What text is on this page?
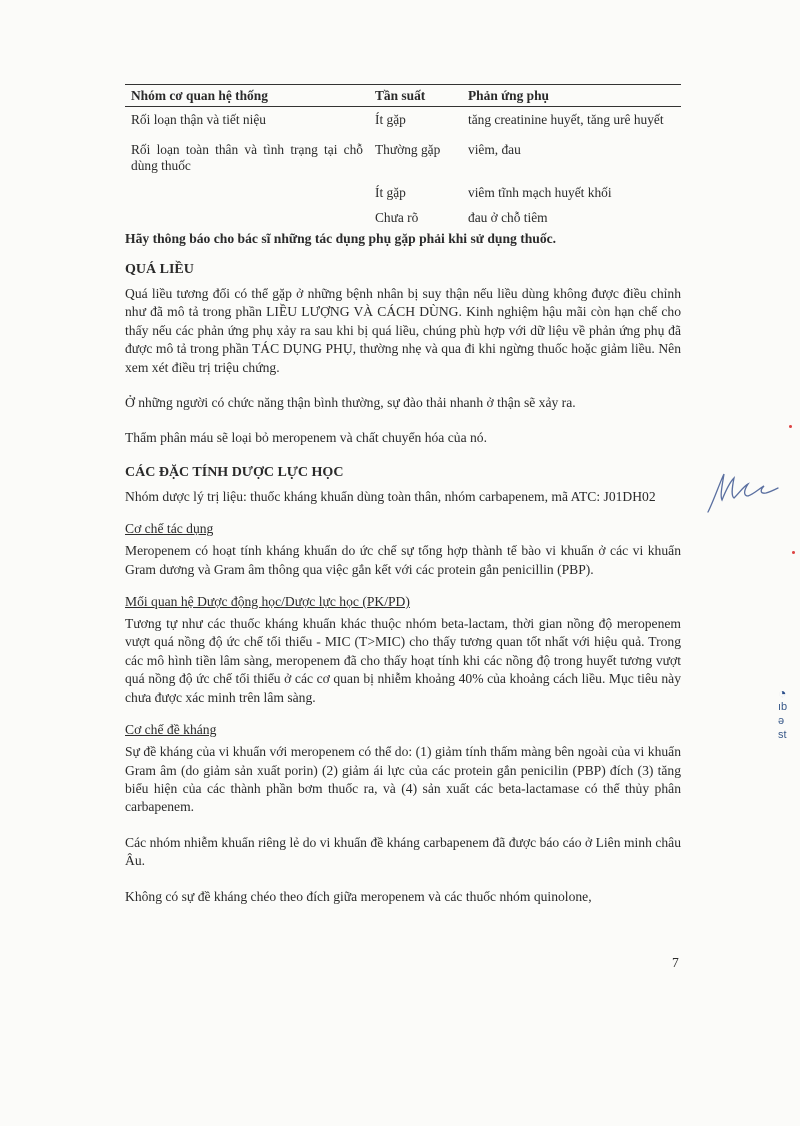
Nhóm cơ quan hệ thống	Tần suất	Phản ứng phụ
Rối loạn thận và tiết niệu	Ít gặp	tăng creatinine huyết, tăng urê huyết
Rối loạn toàn thân và tình trạng tại chỗ dùng thuốc	Thường gặp	viêm, đau
	Ít gặp	viêm tĩnh mạch huyết khối
	Chưa rõ	đau ở chỗ tiêm

Hãy thông báo cho bác sĩ những tác dụng phụ gặp phải khi sử dụng thuốc.

QUÁ LIỀU

Quá liều tương đối có thể gặp ở những bệnh nhân bị suy thận nếu liều dùng không được điều chỉnh như đã mô tả trong phần LIỀU LƯỢNG VÀ CÁCH DÙNG. Kinh nghiệm hậu mãi còn hạn chế cho thấy nếu các phản ứng phụ xảy ra sau khi bị quá liều, chúng phù hợp với dữ liệu về phản ứng phụ đã được mô tả trong phần TÁC DỤNG PHỤ, thường nhẹ và qua đi khi ngừng thuốc hoặc giảm liều. Nên xem xét điều trị triệu chứng.

Ở những người có chức năng thận bình thường, sự đào thải nhanh ở thận sẽ xảy ra.

Thẩm phân máu sẽ loại bỏ meropenem và chất chuyển hóa của nó.

CÁC ĐẶC TÍNH DƯỢC LỰC HỌC

Nhóm dược lý trị liệu: thuốc kháng khuẩn dùng toàn thân, nhóm carbapenem, mã ATC: J01DH02

Cơ chế tác dụng

Meropenem có hoạt tính kháng khuẩn do ức chế sự tổng hợp thành tế bào vi khuẩn ở các vi khuẩn Gram dương và Gram âm thông qua việc gắn kết với các protein gắn penicillin (PBP).

Mối quan hệ Dược động học/Dược lực học (PK/PD)

Tương tự như các thuốc kháng khuẩn khác thuộc nhóm beta-lactam, thời gian nồng độ meropenem vượt quá nồng độ ức chế tối thiểu - MIC (T>MIC) cho thấy tương quan tốt nhất với hiệu quả. Trong các mô hình tiền lâm sàng, meropenem đã cho thấy hoạt tính khi các nồng độ trong huyết tương vượt quá nồng độ ức chế tối thiểu ở các cơ quan bị nhiễm khoảng 40% của khoảng cách liều. Mục tiêu này chưa được xác minh trên lâm sàng.

Cơ chế đề kháng

Sự đề kháng của vi khuẩn với meropenem có thể do: (1) giảm tính thấm màng bên ngoài của vi khuẩn Gram âm (do giảm sản xuất porin) (2) giảm ái lực của các protein gắn penicilin (PBP) đích (3) tăng biểu hiện của các thành phần bơm thuốc ra, và (4) sản xuất các beta-lactamase có thể thủy phân carbapenem.

Các nhóm nhiễm khuẩn riêng lẻ do vi khuẩn đề kháng carbapenem đã được báo cáo ở Liên minh châu Âu.

Không có sự đề kháng chéo theo đích giữa meropenem và các thuốc nhóm quinolone,

7
◔
ıb
ə
st
